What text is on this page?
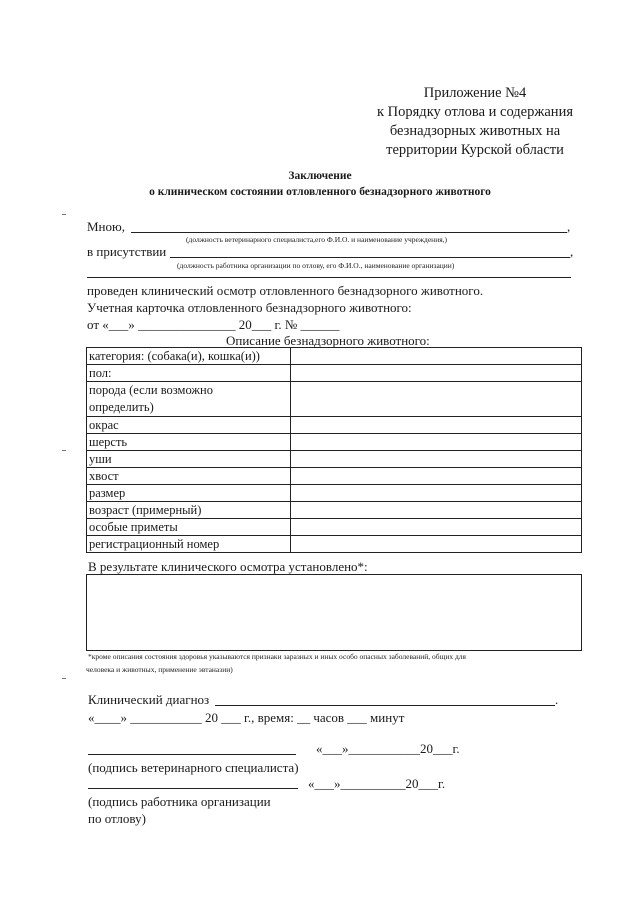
Приложение №4
к Порядку отлова и содержания
безнадзорных животных на
территории Курской области
Заключение
о клиническом состоянии отловленного безнадзорного животного
Мною,	,
(должность ветеринарного специалиста,его Ф.И.О. и наименование учреждения,)
в присутствии	,
(должность работника организации по отлову, его Ф.И.О., наименование организации)
проведен клинический осмотр отловленного безнадзорного животного.
Учетная карточка отловленного безнадзорного животного:
от «___» _______________ 20___ г. № ______
Описание безнадзорного животного:
категория: (собака(и), кошка(и))	
пол:	

порода (если возможно
определить)	

окрас	
шерсть	
уши	
хвост	
размер	
возраст (примерный)	
особые приметы	
регистрационный номер	
В результате клинического осмотра установлено*:
*кроме описания состояния здоровья указываются признаки заразных и иных особо опасных заболеваний, общих для
человека и животных, применение эвтаназии)
Клинический диагноз	.
«____» ___________ 20 ___ г., время: __ часов ___ минут
«___»___________20___г.
(подпись ветеринарного специалиста)
«___»__________20___г.
(подпись работника организации
по отлову)
